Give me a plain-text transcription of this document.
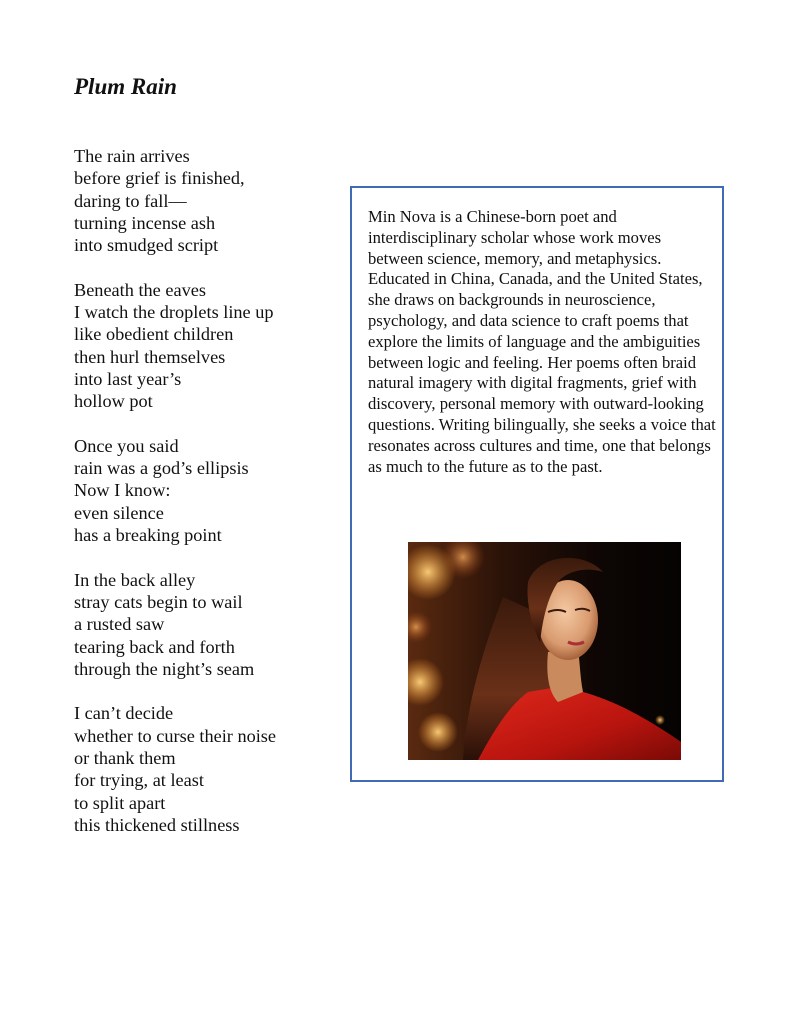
Plum Rain

The rain arrives
before grief is finished,
daring to fall—
turning incense ash
into smudged script

Beneath the eaves
I watch the droplets line up
like obedient children
then hurl themselves
into last year’s
hollow pot

Once you said
rain was a god’s ellipsis
Now I know:
even silence
has a breaking point

In the back alley
stray cats begin to wail
a rusted saw
tearing back and forth
through the night’s seam

I can’t decide
whether to curse their noise
or thank them
for trying, at least
to split apart
this thickened stillness

Min Nova is a Chinese-born poet and interdisciplinary scholar whose work moves between science, memory, and metaphysics. Educated in China, Canada, and the United States, she draws on backgrounds in neuroscience, psychology, and data science to craft poems that explore the limits of language and the ambiguities between logic and feeling. Her poems often braid natural imagery with digital fragments, grief with discovery, personal memory with outward-looking questions. Writing bilingually, she seeks a voice that resonates across cultures and time, one that belongs as much to the future as to the past.
